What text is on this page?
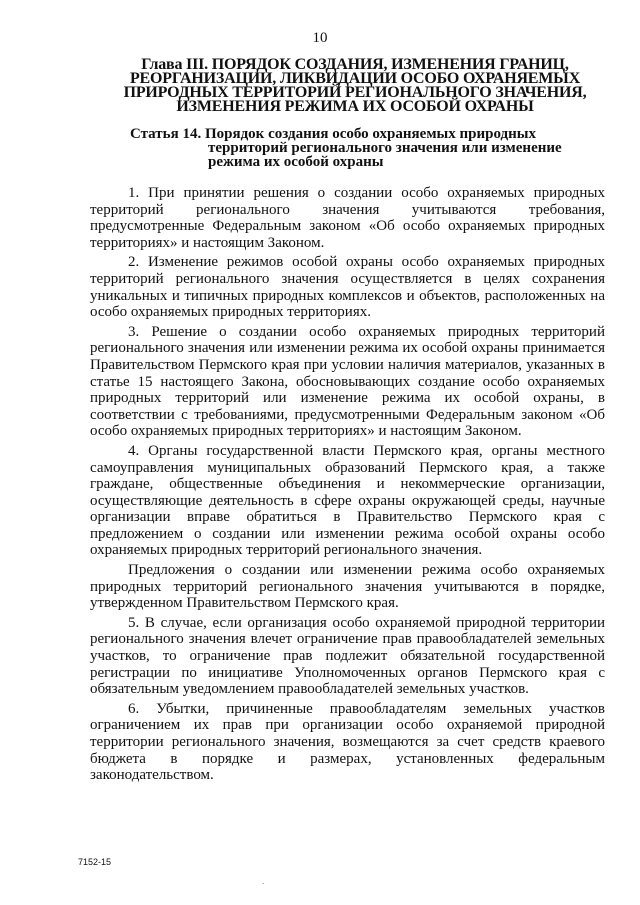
10
Глава III. ПОРЯДОК СОЗДАНИЯ, ИЗМЕНЕНИЯ ГРАНИЦ, РЕОРГАНИЗАЦИИ, ЛИКВИДАЦИИ ОСОБО ОХРАНЯЕМЫХ ПРИРОДНЫХ ТЕРРИТОРИЙ РЕГИОНАЛЬНОГО ЗНАЧЕНИЯ, ИЗМЕНЕНИЯ РЕЖИМА ИХ ОСОБОЙ ОХРАНЫ
Статья 14. Порядок создания особо охраняемых природных
территорий регионального значения или изменение режима их особой охраны

1. При принятии решения о создании особо охраняемых природных территорий регионального значения учитываются требования, предусмотренные Федеральным законом «Об особо охраняемых природных территориях» и настоящим Законом.

2. Изменение режимов особой охраны особо охраняемых природных территорий регионального значения осуществляется в целях сохранения уникальных и типичных природных комплексов и объектов, расположенных на особо охраняемых природных территориях.

3. Решение о создании особо охраняемых природных территорий регионального значения или изменении режима их особой охраны принимается Правительством Пермского края при условии наличия материалов, указанных в статье 15 настоящего Закона, обосновывающих создание особо охраняемых природных территорий или изменение режима их особой охраны, в соответствии с требованиями, предусмотренными Федеральным законом «Об особо охраняемых природных территориях» и настоящим Законом.

4. Органы государственной власти Пермского края, органы местного самоуправления муниципальных образований Пермского края, а также граждане, общественные объединения и некоммерческие организации, осуществляющие деятельность в сфере охраны окружающей среды, научные организации вправе обратиться в Правительство Пермского края с предложением о создании или изменении режима особой охраны особо охраняемых природных территорий регионального значения.

Предложения о создании или изменении режима особо охраняемых природных территорий регионального значения учитываются в порядке, утвержденном Правительством Пермского края.

5. В случае, если организация особо охраняемой природной территории регионального значения влечет ограничение прав правообладателей земельных участков, то ограничение прав подлежит обязательной государственной регистрации по инициативе Уполномоченных органов Пермского края с обязательным уведомлением правообладателей земельных участков.

6. Убытки, причиненные правообладателям земельных участков ограничением их прав при организации особо охраняемой природной территории регионального значения, возмещаются за счет средств краевого бюджета в порядке и размерах, установленных федеральным законодательством.

7152-15
.
